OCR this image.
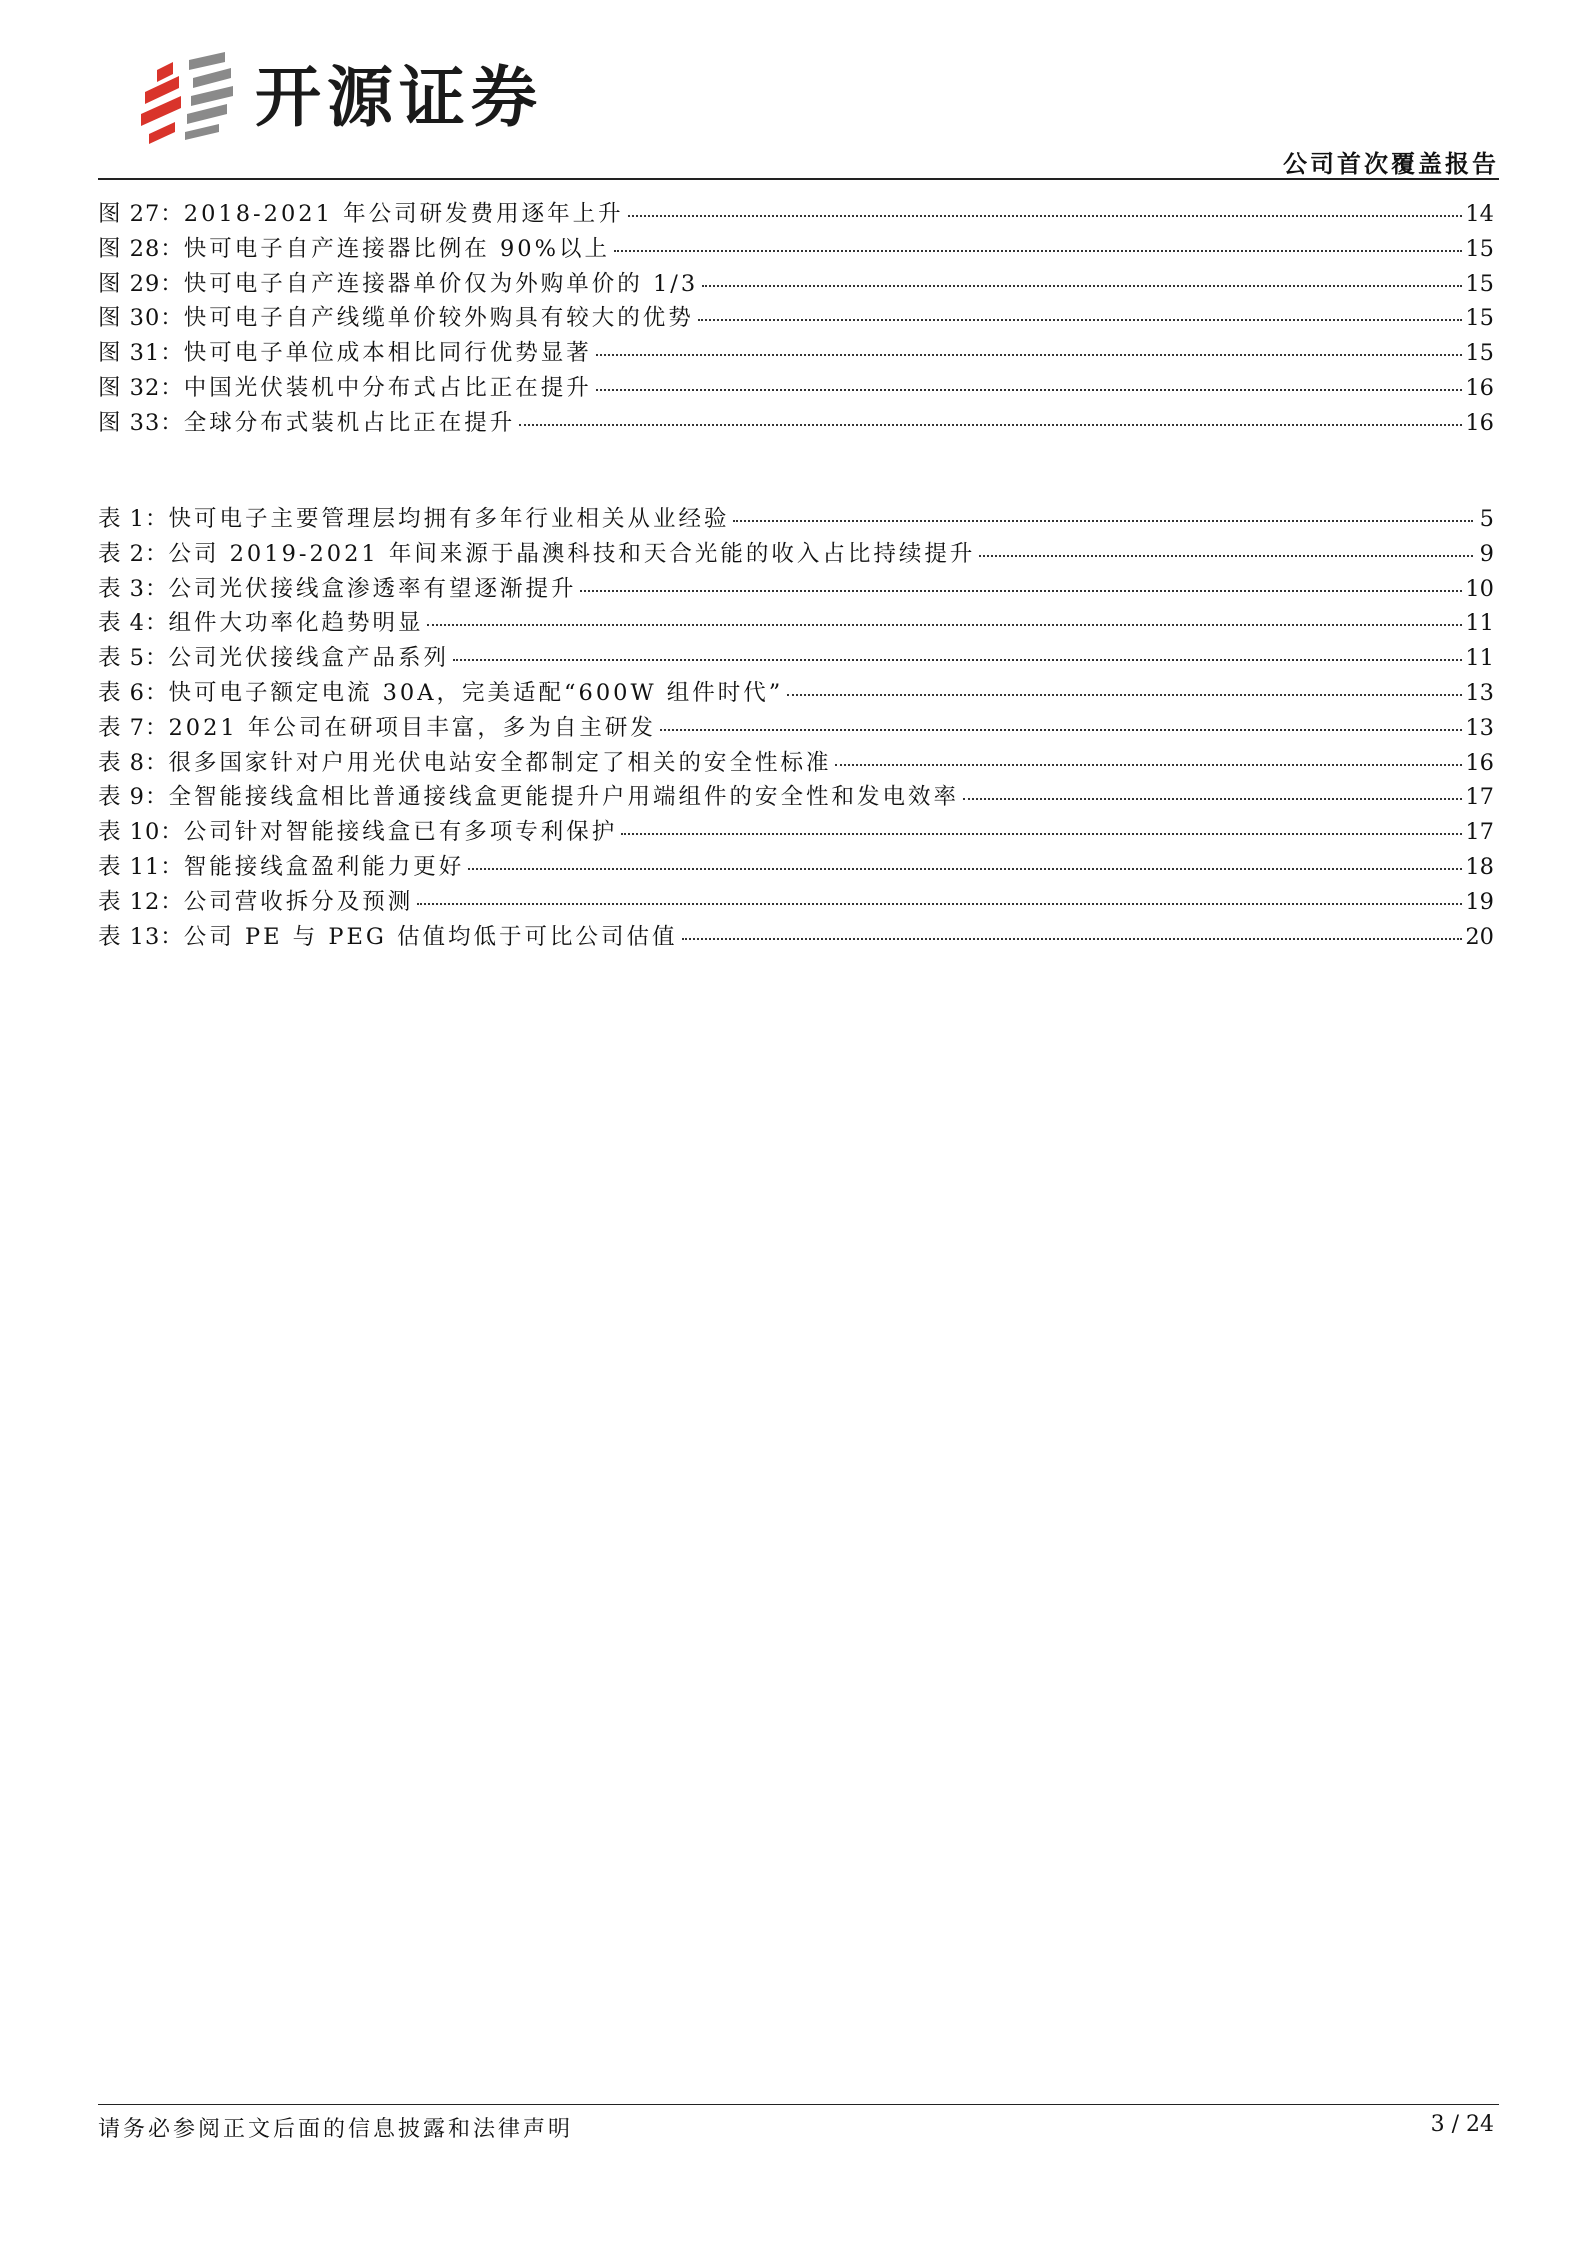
开源证券
公司首次覆盖报告
图 27： 2018-2021 年公司研发费用逐年上升	14
图 28： 快可电子自产连接器比例在 90%以上	15
图 29： 快可电子自产连接器单价仅为外购单价的 1/3	15
图 30： 快可电子自产线缆单价较外购具有较大的优势	15
图 31： 快可电子单位成本相比同行优势显著	15
图 32： 中国光伏装机中分布式占比正在提升	16
图 33： 全球分布式装机占比正在提升	16
表 1： 快可电子主要管理层均拥有多年行业相关从业经验	5
表 2： 公司 2019-2021 年间来源于晶澳科技和天合光能的收入占比持续提升	9
表 3： 公司光伏接线盒渗透率有望逐渐提升	10
表 4： 组件大功率化趋势明显	11
表 5： 公司光伏接线盒产品系列	11
表 6： 快可电子额定电流 30A，完美适配“600W 组件时代”	13
表 7： 2021 年公司在研项目丰富，多为自主研发	13
表 8： 很多国家针对户用光伏电站安全都制定了相关的安全性标准	16
表 9： 全智能接线盒相比普通接线盒更能提升户用端组件的安全性和发电效率	17
表 10： 公司针对智能接线盒已有多项专利保护	17
表 11： 智能接线盒盈利能力更好	18
表 12： 公司营收拆分及预测	19
表 13： 公司 PE 与 PEG 估值均低于可比公司估值	20
请务必参阅正文后面的信息披露和法律声明	3 / 24
